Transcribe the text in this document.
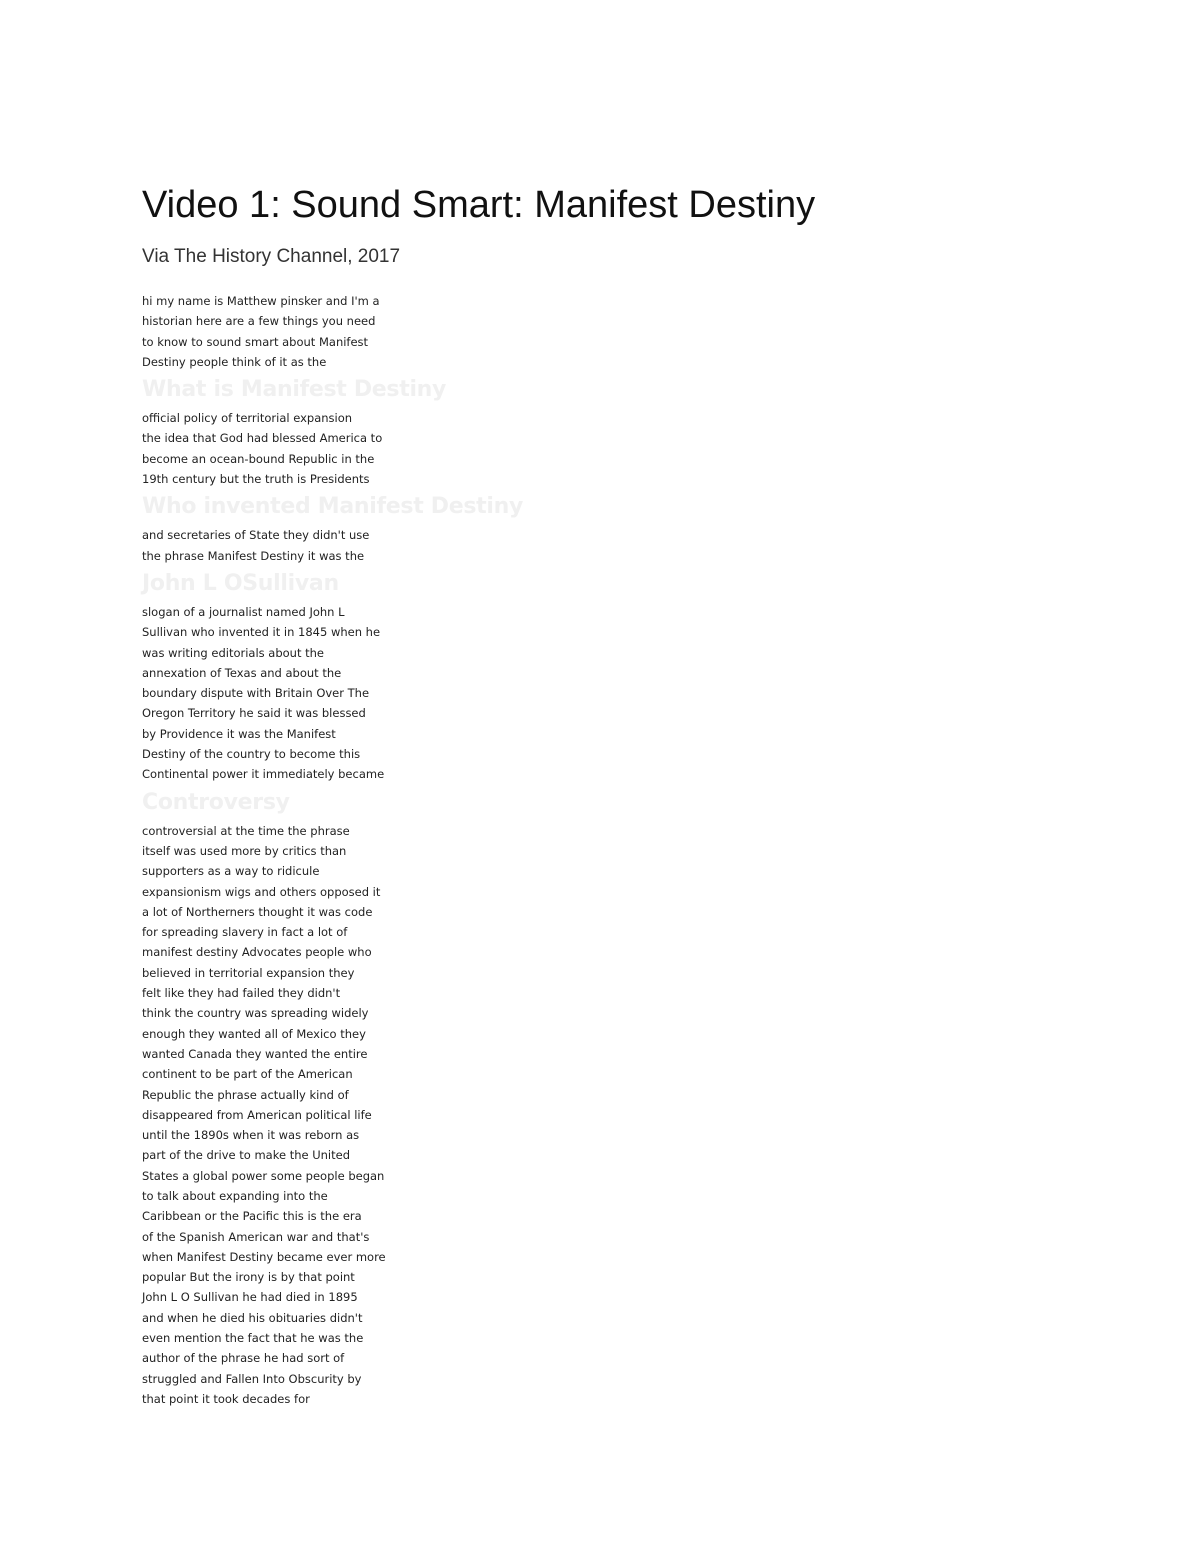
Video 1: Sound Smart: Manifest Destiny
Via The History Channel, 2017
hi my name is Matthew pinsker and I'm a
historian here are a few things you need
to know to sound smart about Manifest
Destiny people think of it as the
What is Manifest Destiny
official policy of territorial expansion
the idea that God had blessed America to
become an ocean-bound Republic in the
19th century but the truth is Presidents
Who invented Manifest Destiny
and secretaries of State they didn't use
the phrase Manifest Destiny it was the
John L OSullivan
slogan of a journalist named John L
Sullivan who invented it in 1845 when he
was writing editorials about the
annexation of Texas and about the
boundary dispute with Britain Over The
Oregon Territory he said it was blessed
by Providence it was the Manifest
Destiny of the country to become this
Continental power it immediately became
Controversy
controversial at the time the phrase
itself was used more by critics than
supporters as a way to ridicule
expansionism wigs and others opposed it
a lot of Northerners thought it was code
for spreading slavery in fact a lot of
manifest destiny Advocates people who
believed in territorial expansion they
felt like they had failed they didn't
think the country was spreading widely
enough they wanted all of Mexico they
wanted Canada they wanted the entire
continent to be part of the American
Republic the phrase actually kind of
disappeared from American political life
until the 1890s when it was reborn as
part of the drive to make the United
States a global power some people began
to talk about expanding into the
Caribbean or the Pacific this is the era
of the Spanish American war and that's
when Manifest Destiny became ever more
popular But the irony is by that point
John L O Sullivan he had died in 1895
and when he died his obituaries didn't
even mention the fact that he was the
author of the phrase he had sort of
struggled and Fallen Into Obscurity by
that point it took decades for
